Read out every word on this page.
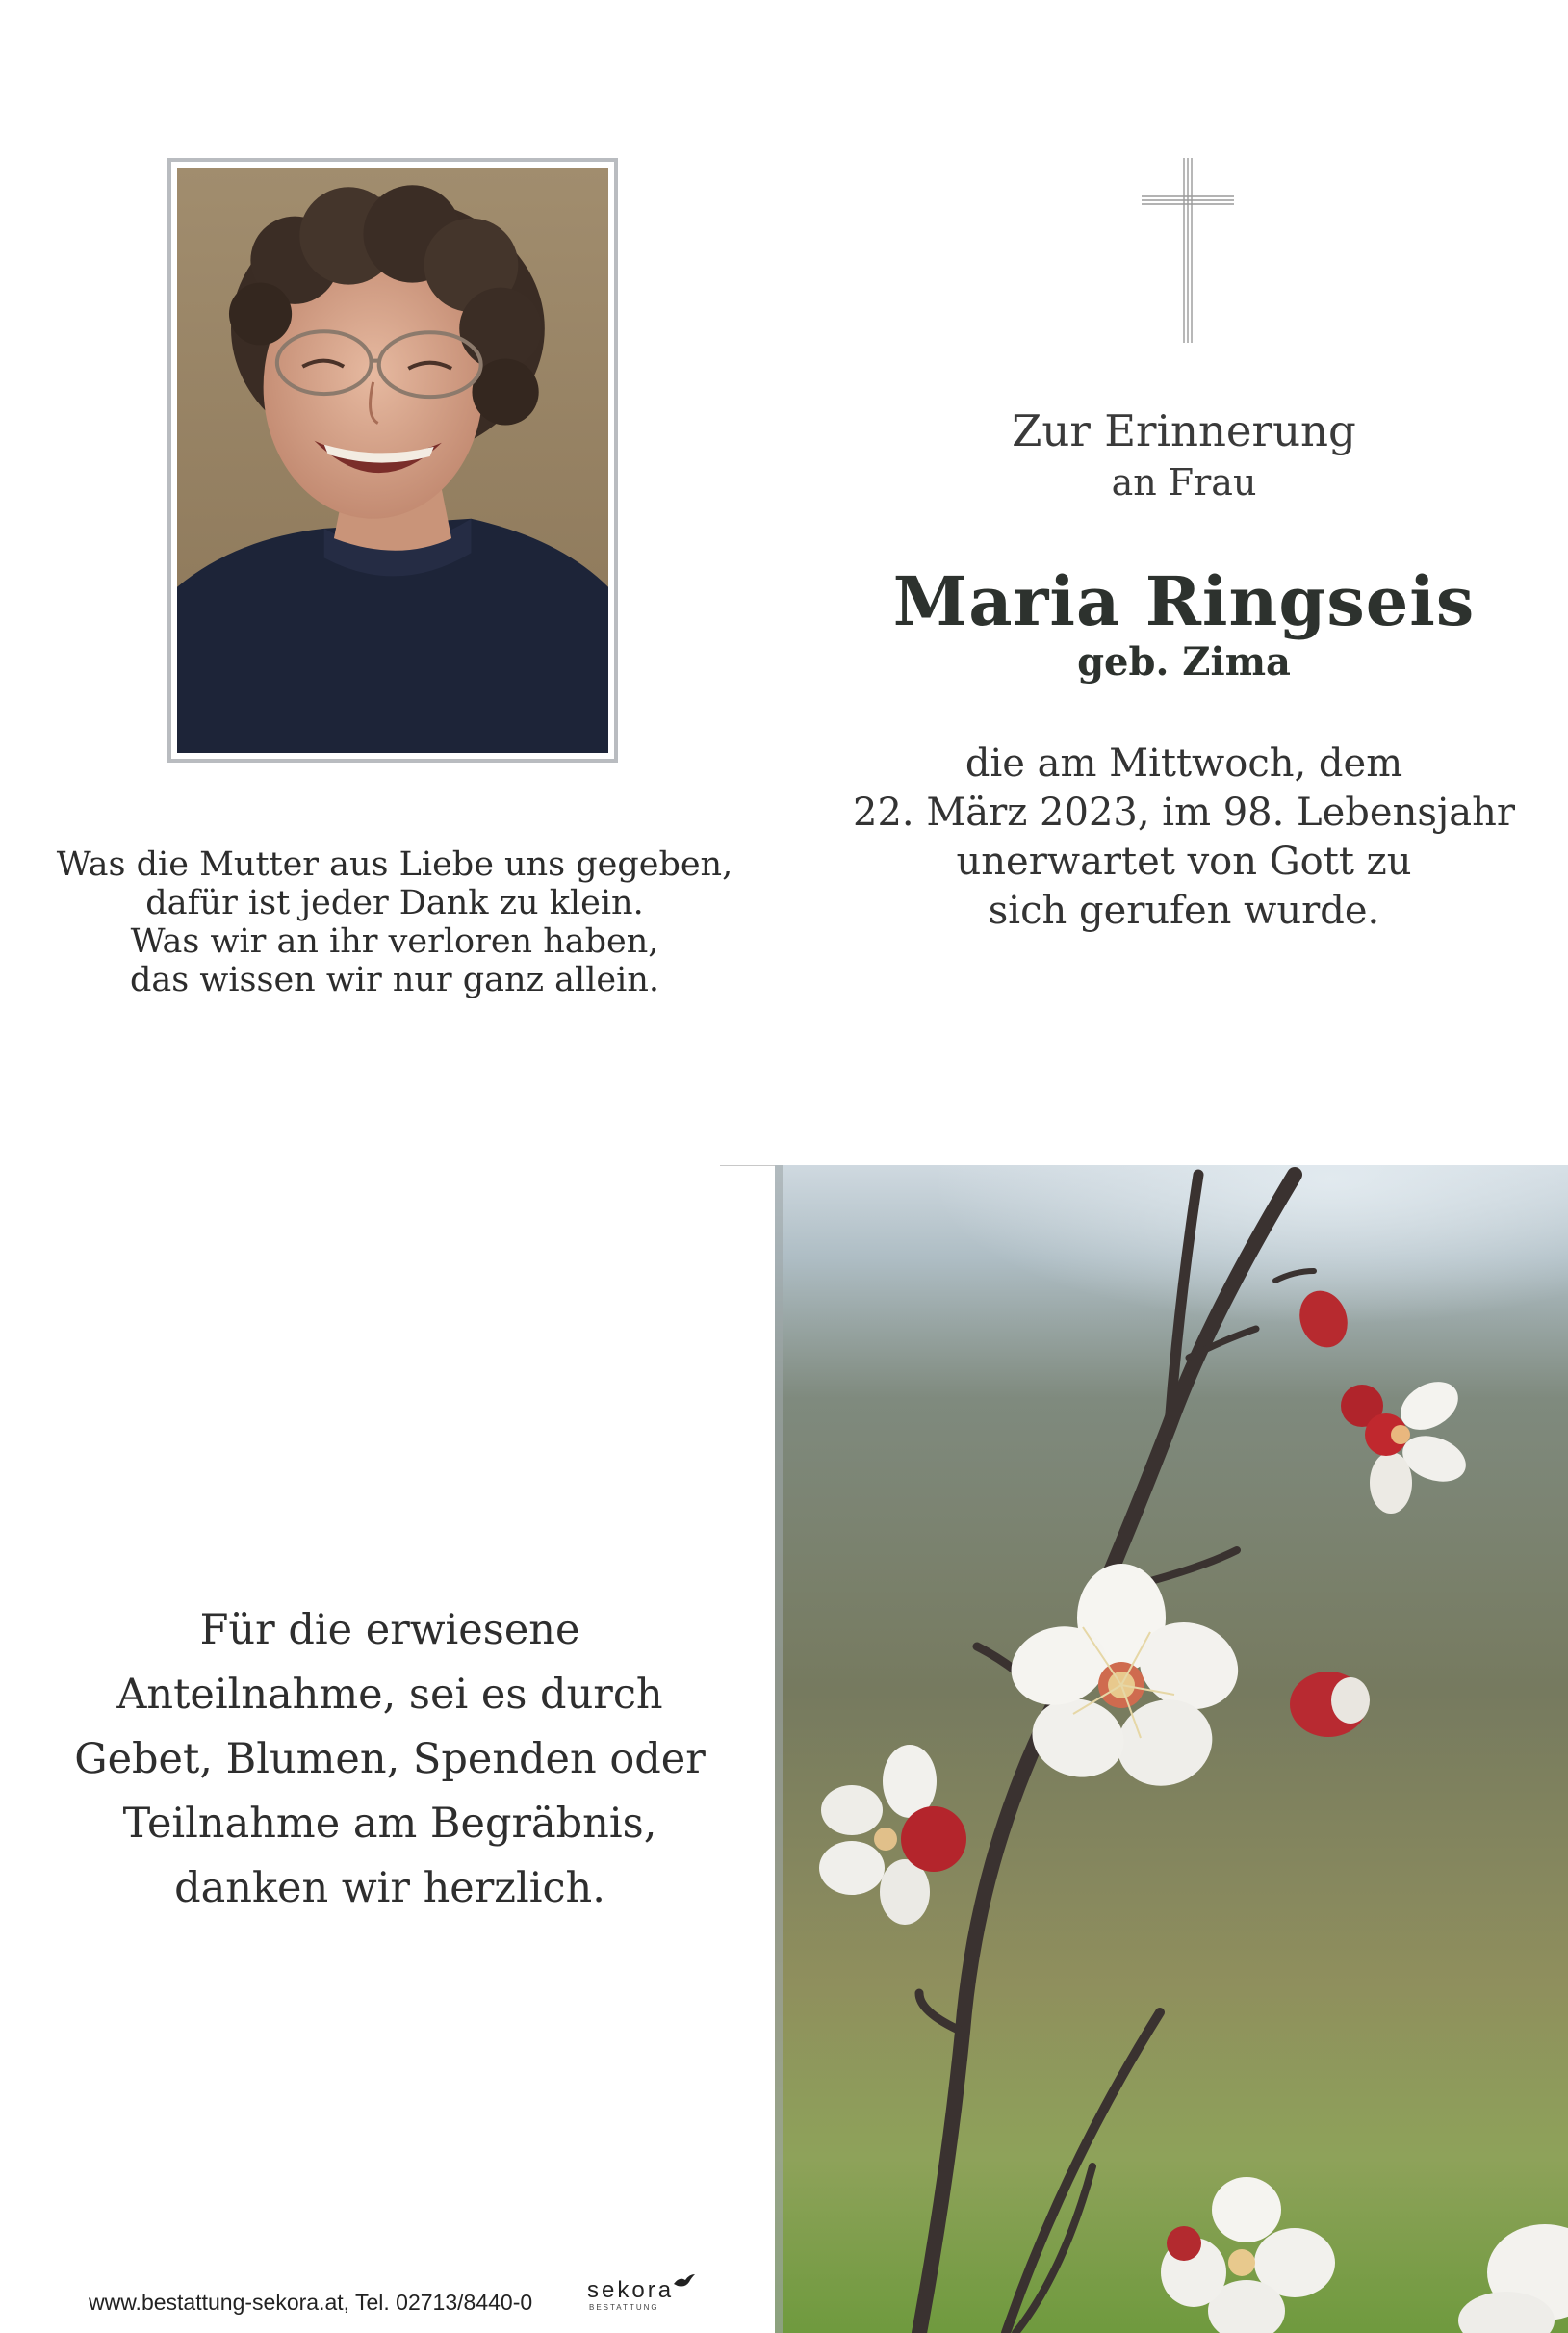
Was die Mutter aus Liebe uns gegeben,
dafür ist jeder Dank zu klein.
Was wir an ihr verloren haben,
das wissen wir nur ganz allein.
Zur Erinnerung
an Frau
Maria Ringseis
geb. Zima
die am Mittwoch, dem
22. März 2023, im 98. Lebensjahr
unerwartet von Gott zu
sich gerufen wurde.
Für die erwiesene
Anteilnahme, sei es durch
Gebet, Blumen, Spenden oder
Teilnahme am Begräbnis,
danken wir herzlich.
www.bestattung-sekora.at, Tel. 02713/8440-0 sekora
BESTATTUNG
